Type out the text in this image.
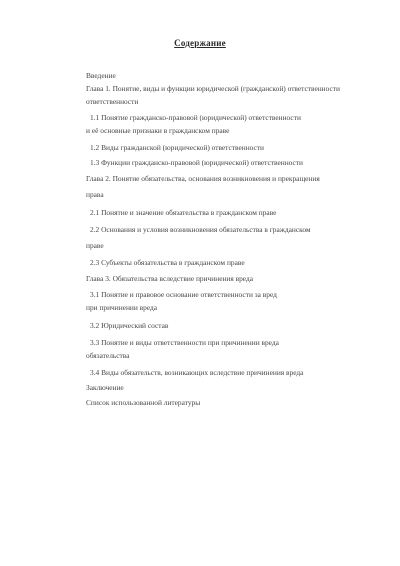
Содержание
Введение
Глава 1. Понятие, виды и функции юридической (гражданской) ответственности
ответственности
1.1 Понятие гражданско-правовой (юридической) ответственности
и её основные признаки в гражданском праве
1.2 Виды гражданской (юридической) ответственности
1.3 Функции гражданско-правовой (юридической) ответственности
Глава 2. Понятие обязательства, основания возникновения и прекращения
права
2.1 Понятие и значение обязательства в гражданском праве
2.2 Основания и условия возникновения обязательства в гражданском
праве
2.3 Субъекты обязательства в гражданском праве
Глава 3. Обязательства вследствие причинения вреда
3.1 Понятие и правовое основание ответственности за вред
при причинении вреда
3.2 Юридический состав
3.3 Понятие и виды ответственности при причинении вреда
обязательства
3.4 Виды обязательств, возникающих вследствие причинения вреда
Заключение
Список использованной литературы
